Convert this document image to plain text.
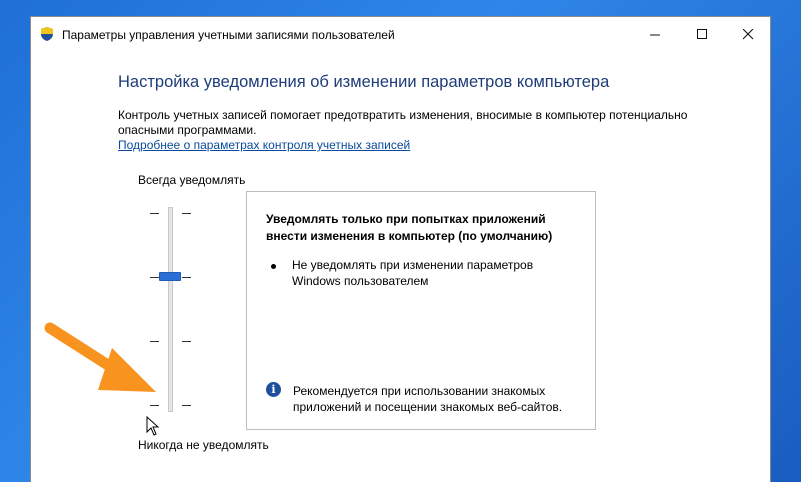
Параметры управления учетными записями пользователей
Настройка уведомления об изменении параметров компьютера
Контроль учетных записей помогает предотвратить изменения, вносимые в компьютер потенциально опасными программами.
Подробнее о параметрах контроля учетных записей
Всегда уведомлять
Никогда не уведомлять
Уведомлять только при попытках приложений внести изменения в компьютер (по умолчанию)
Не уведомлять при изменении параметров Windows пользователем
i	Рекомендуется при использовании знакомых приложений и посещении знакомых веб-сайтов.
